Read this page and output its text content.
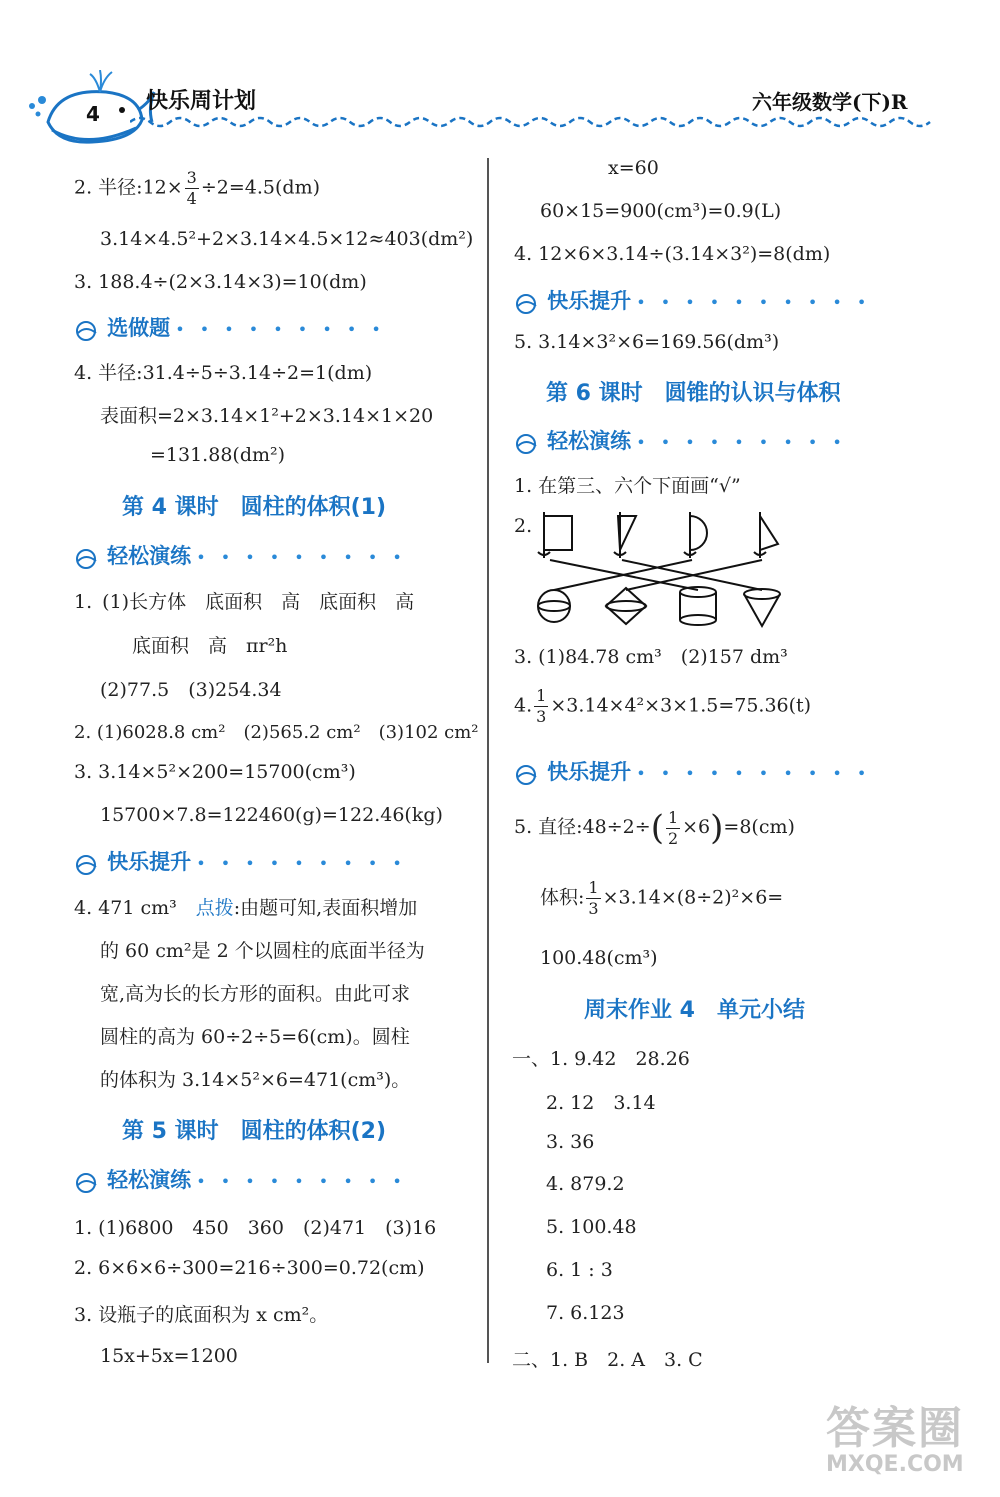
4 快乐周计划	六年级数学(下)R
2. 半径:12× $\frac{3}{4} \div 2=4.5(dm)$
3.14×4.5²+2×3.14×4.5×12≈403(dm²)
3. 188.4÷(2×3.14×3)=10(dm)
选做题 • • • • • • • • •
4. 半径:31.4÷5÷3.14÷2=1(dm)
表面积=2×3.14×1²+2×3.14×1×20
=131.88(dm²)
第 4 课时　圆柱的体积(1)
轻松演练 • • • • • • • • •
1. (1)长方体　底面积　高　底面积　高
底面积　高　πr²h
(2)77.5　(3)254.34
2. (1)6028.8 cm²　(2)565.2 cm²　(3)102 cm²
3. 3.14×5²×200=15700(cm³)
15700×7.8=122460(g)=122.46(kg)
快乐提升 • • • • • • • • •
4. 471 cm³　点拨:由题可知,表面积增加
的 60 cm²是 2 个以圆柱的底面半径为
宽,高为长的长方形的面积。由此可求
圆柱的高为 60÷2÷5=6(cm)。圆柱
的体积为 3.14×5²×6=471(cm³)。
第 5 课时　圆柱的体积(2)
轻松演练 • • • • • • • • •
1. (1)6800　450　360　(2)471　(3)16
2. 6×6×6÷300=216÷300=0.72(cm)
3. 设瓶子的底面积为 x cm²。
15x+5x=1200
x=60
60×15=900(cm³)=0.9(L)
4. 12×6×3.14÷(3.14×3²)=8(dm)
快乐提升 • • • • • • • • • •
5. 3.14×3²×6=169.56(dm³)
第 6 课时　圆锥的认识与体积
轻松演练 • • • • • • • • •
1. 在第三、六个下面画“√”
2.
3. (1)84.78 cm³　(2)157 dm³
4. $\frac{1}{3} \times 3.14\times 4^2\times 3\times 1.5=75.36(t)$
快乐提升 • • • • • • • • • •
5. 直径:48÷2÷( $\frac{1}{2} \times 6)=8(cm)$
体积: $\frac{1}{3} \times 3.14\times(8\div 2)^2\times 6=$
100.48(cm³)
周末作业 4　单元小结
一、1. 9.42　28.26
2. 12　3.14
3. 36
4. 879.2
5. 100.48
6. 1 : 3
7. 6.123
二、1. B　2. A　3. C
答案圈
MXQE.COM
